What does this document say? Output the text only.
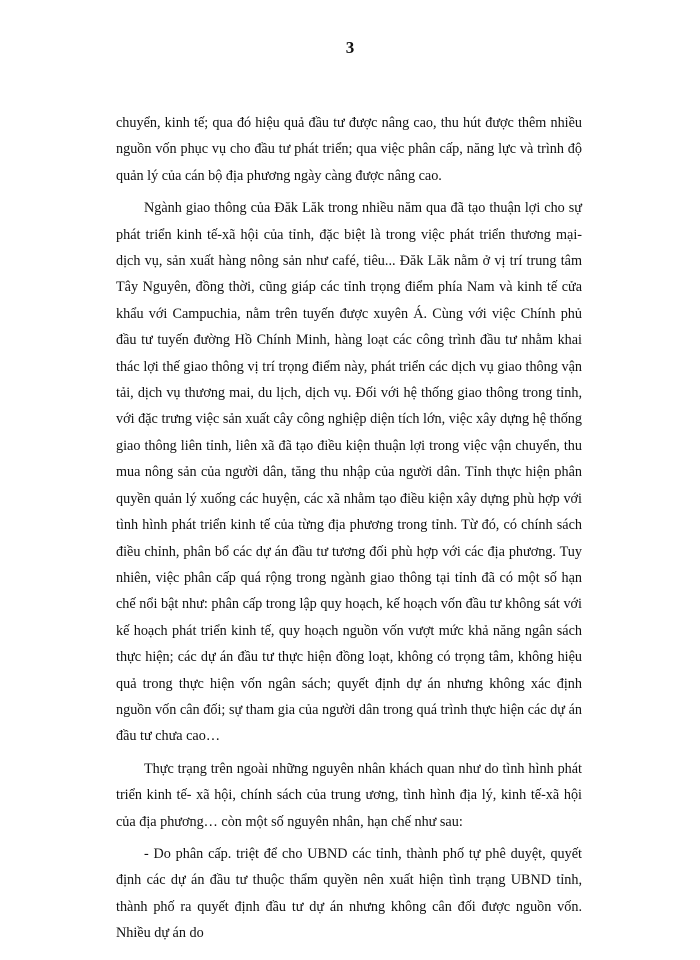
3

chuyển, kinh tế; qua đó hiệu quả đầu tư được nâng cao, thu hút được thêm nhiều nguồn vốn phục vụ cho đầu tư phát triển; qua việc phân cấp, năng lực và trình độ quản lý của cán bộ địa phương ngày càng được nâng cao.

Ngành giao thông của Đăk Lăk trong nhiều năm qua đã tạo thuận lợi cho sự phát triển kinh tế-xã hội của tỉnh, đặc biệt là trong việc phát triển thương mại- dịch vụ, sản xuất hàng nông sản như café, tiêu... Đăk Lăk nằm ở vị trí trung tâm Tây Nguyên, đồng thời, cũng giáp các tỉnh trọng điểm phía Nam và kinh tế cửa khẩu với Campuchia, nằm trên tuyến được xuyên Á. Cùng với việc Chính phủ đầu tư tuyến đường Hồ Chính Minh, hàng loạt các công trình đầu tư nhằm khai thác lợi thế giao thông vị trí trọng điểm này, phát triển các dịch vụ giao thông vận tải, dịch vụ thương mai, du lịch, dịch vụ. Đối với hệ thống giao thông trong tỉnh, với đặc trưng việc sản xuất cây công nghiệp diện tích lớn, việc xây dựng hệ thống giao thông liên tỉnh, liên xã đã tạo điều kiện thuận lợi trong việc vận chuyển, thu mua nông sản của người dân, tăng thu nhập của người dân. Tỉnh thực hiện phân quyền quản lý xuống các huyện, các xã nhằm tạo điều kiện xây dựng phù hợp với tình hình phát triển kinh tế của từng địa phương trong tỉnh. Từ đó, có chính sách điều chỉnh, phân bổ các dự án đầu tư tương đối phù hợp với các địa phương. Tuy nhiên, việc phân cấp quá rộng trong ngành giao thông tại tỉnh đã có một số hạn chế nổi bật như: phân cấp trong lập quy hoạch, kế hoạch vốn đầu tư không sát với kế hoạch phát triển kinh tế, quy hoạch nguồn vốn vượt mức khả năng ngân sách thực hiện; các dự án đầu tư thực hiện đồng loạt, không có trọng tâm, không hiệu quả trong thực hiện vốn ngân sách; quyết định dự án nhưng không xác định nguồn vốn cân đối; sự tham gia của người dân trong quá trình thực hiện các dự án đầu tư chưa cao…

Thực trạng trên ngoài những nguyên nhân khách quan như do tình hình phát triển kinh tế- xã hội, chính sách của trung ương, tình hình địa lý, kinh tế-xã hội của địa phương… còn một số nguyên nhân, hạn chế như sau:

- Do phân cấp. triệt để cho UBND các tỉnh, thành phố tự phê duyệt, quyết định các dự án đầu tư thuộc thẩm quyền nên xuất hiện tình trạng UBND tỉnh, thành phố ra quyết định đầu tư dự án nhưng không cân đối được nguồn vốn. Nhiều dự án do
